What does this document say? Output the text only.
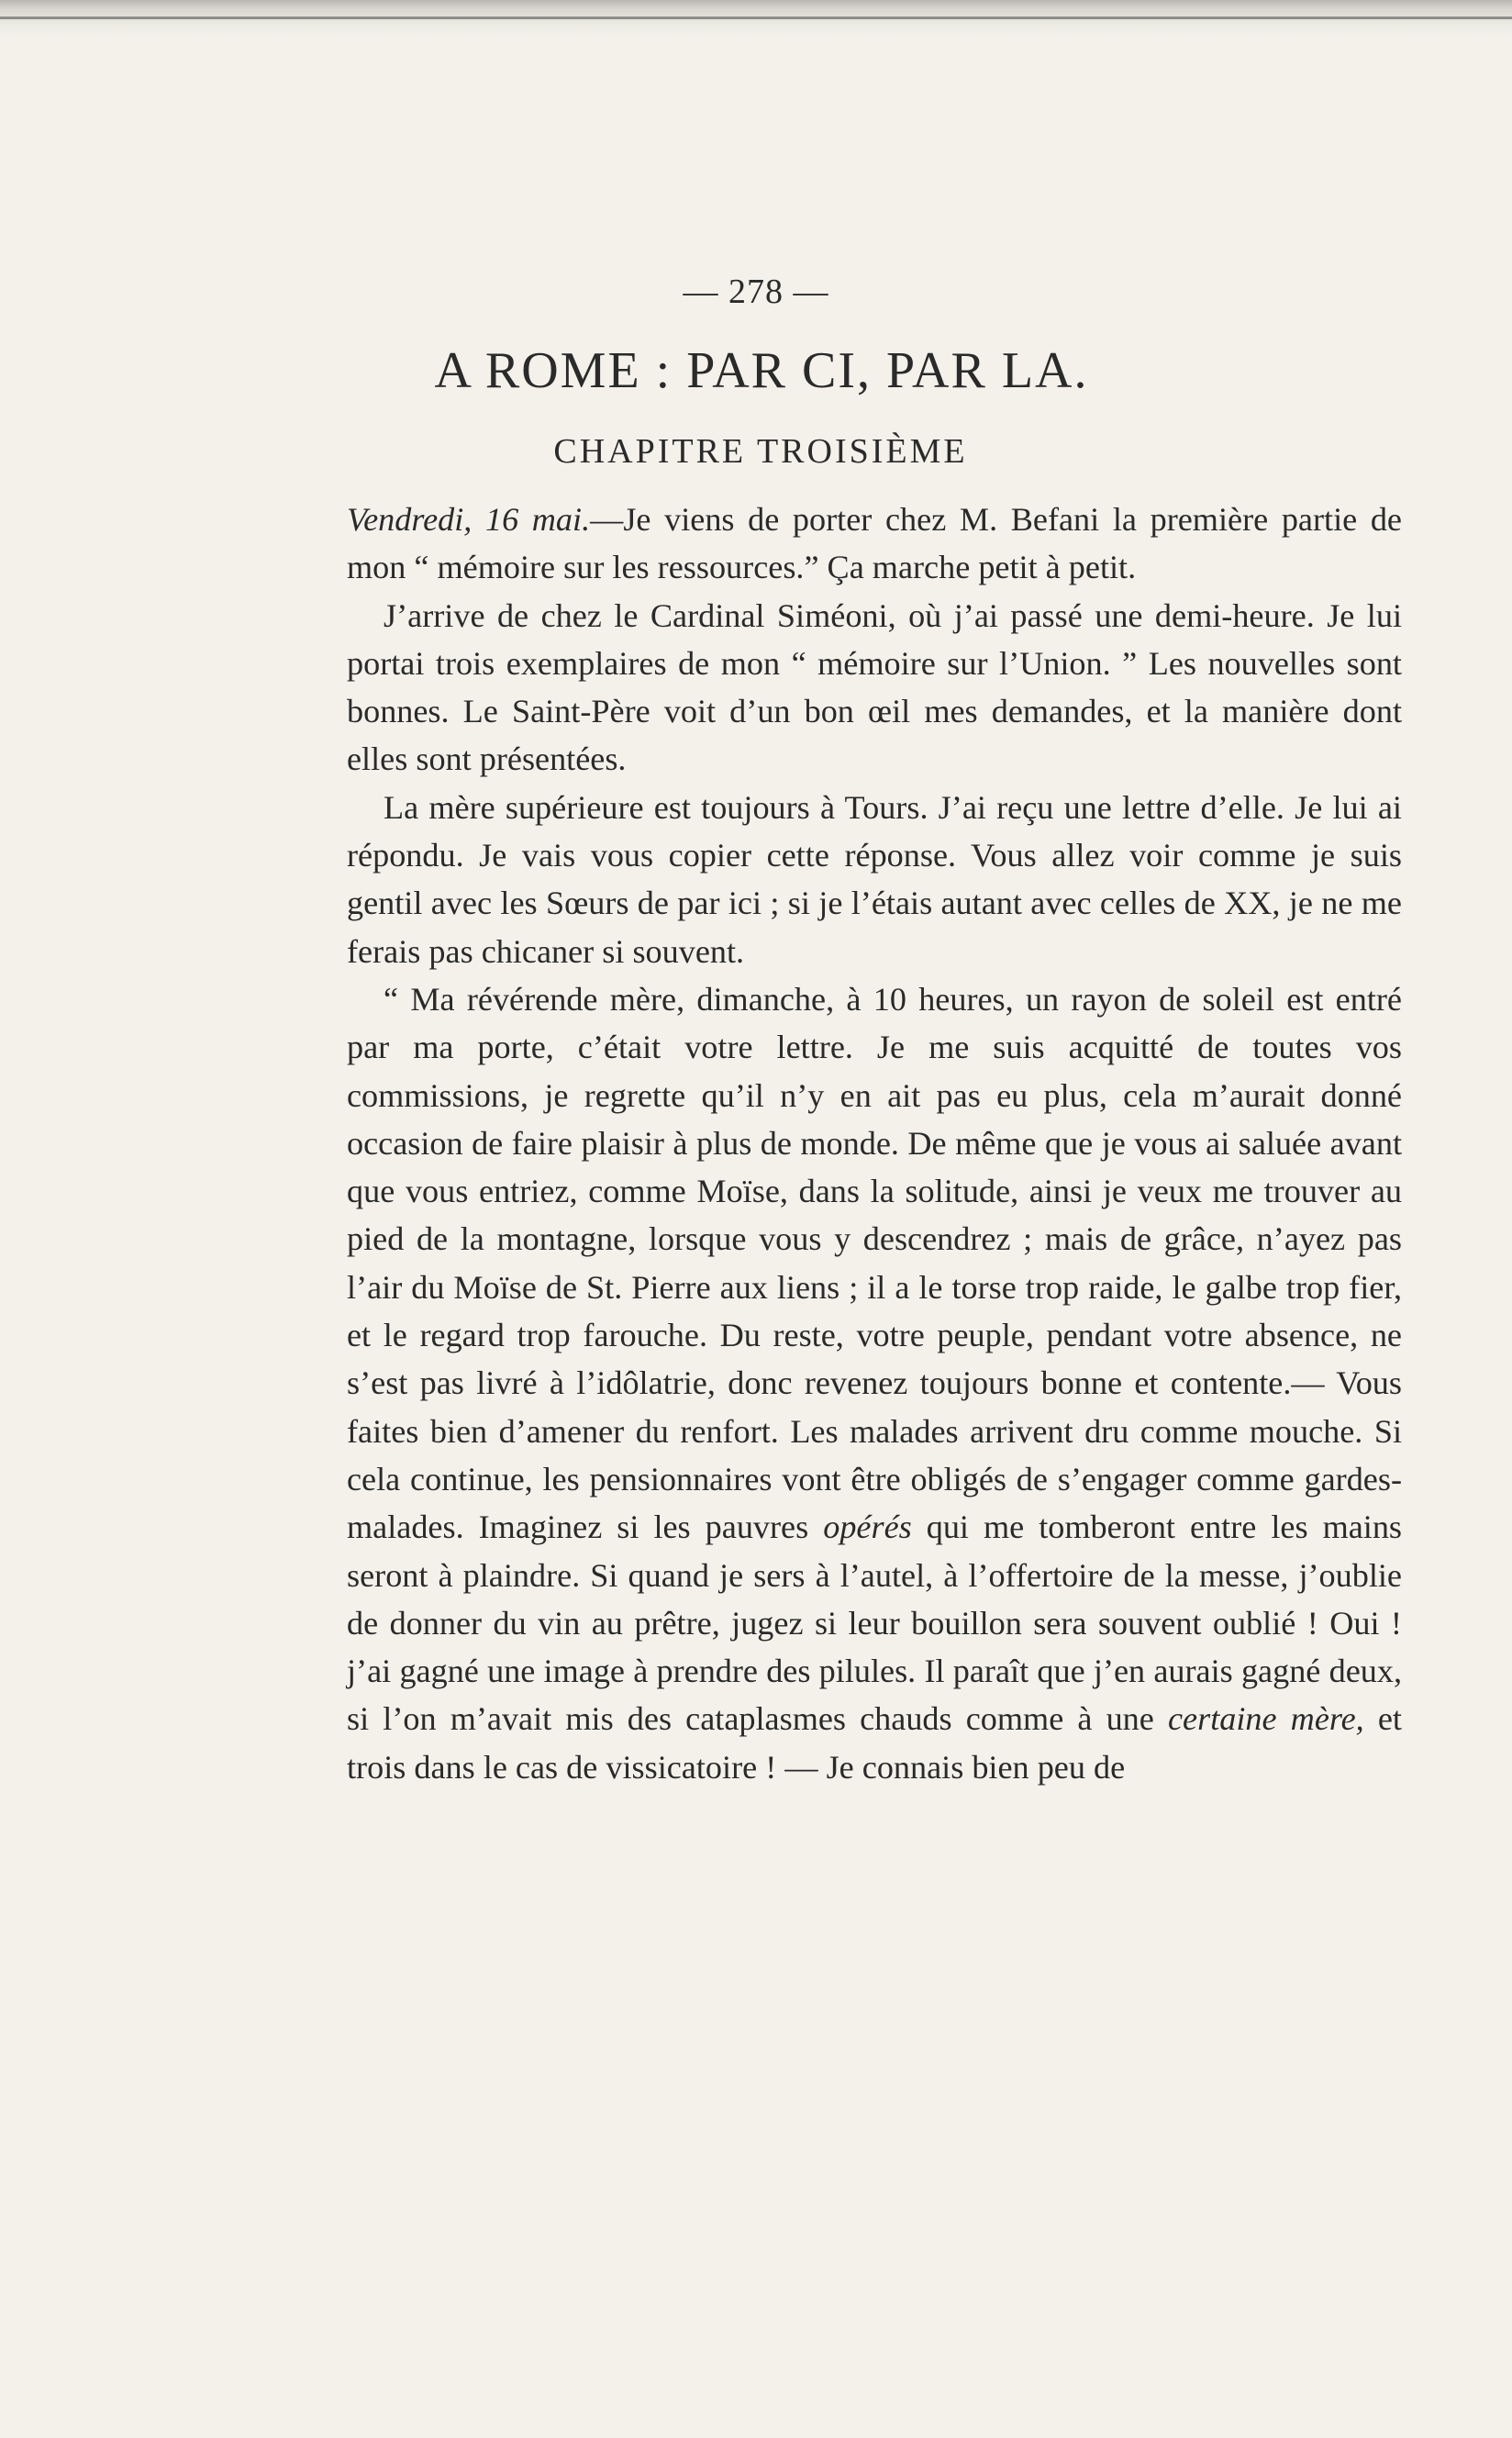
— 278 —
A ROME : PAR CI, PAR LA.
CHAPITRE TROISIÈME

Vendredi, 16 mai.—Je viens de porter chez M. Befani la première partie de mon “ mémoire sur les ressources.” Ça marche petit à petit.

J’arrive de chez le Cardinal Siméoni, où j’ai passé une demi-heure. Je lui portai trois exemplaires de mon “ mémoire sur l’Union. ” Les nouvelles sont bonnes. Le Saint-Père voit d’un bon œil mes demandes, et la manière dont elles sont présentées.

La mère supérieure est toujours à Tours. J’ai reçu une lettre d’elle. Je lui ai répondu. Je vais vous copier cette réponse. Vous allez voir comme je suis gentil avec les Sœurs de par ici ; si je l’étais autant avec celles de XX, je ne me ferais pas chicaner si souvent.

“ Ma révérende mère, dimanche, à 10 heures, un rayon de soleil est entré par ma porte, c’était votre lettre. Je me suis acquitté de toutes vos commissions, je regrette qu’il n’y en ait pas eu plus, cela m’aurait donné occasion de faire plaisir à plus de monde. De même que je vous ai saluée avant que vous entriez, comme Moïse, dans la solitude, ainsi je veux me trouver au pied de la montagne, lorsque vous y descendrez ; mais de grâce, n’ayez pas l’air du Moïse de St. Pierre aux liens ; il a le torse trop raide, le galbe trop fier, et le regard trop farouche. Du reste, votre peuple, pendant votre absence, ne s’est pas livré à l’idôlatrie, donc revenez toujours bonne et contente.— Vous faites bien d’amener du renfort. Les malades arrivent dru comme mouche. Si cela continue, les pensionnaires vont être obligés de s’engager comme gardes-malades. Imaginez si les pauvres opérés qui me tomberont entre les mains seront à plaindre. Si quand je sers à l’autel, à l’offertoire de la messe, j’oublie de donner du vin au prêtre, jugez si leur bouillon sera souvent oublié ! Oui ! j’ai gagné une image à prendre des pilules. Il paraît que j’en aurais gagné deux, si l’on m’avait mis des cataplasmes chauds comme à une certaine mère, et trois dans le cas de vissicatoire ! — Je connais bien peu de
